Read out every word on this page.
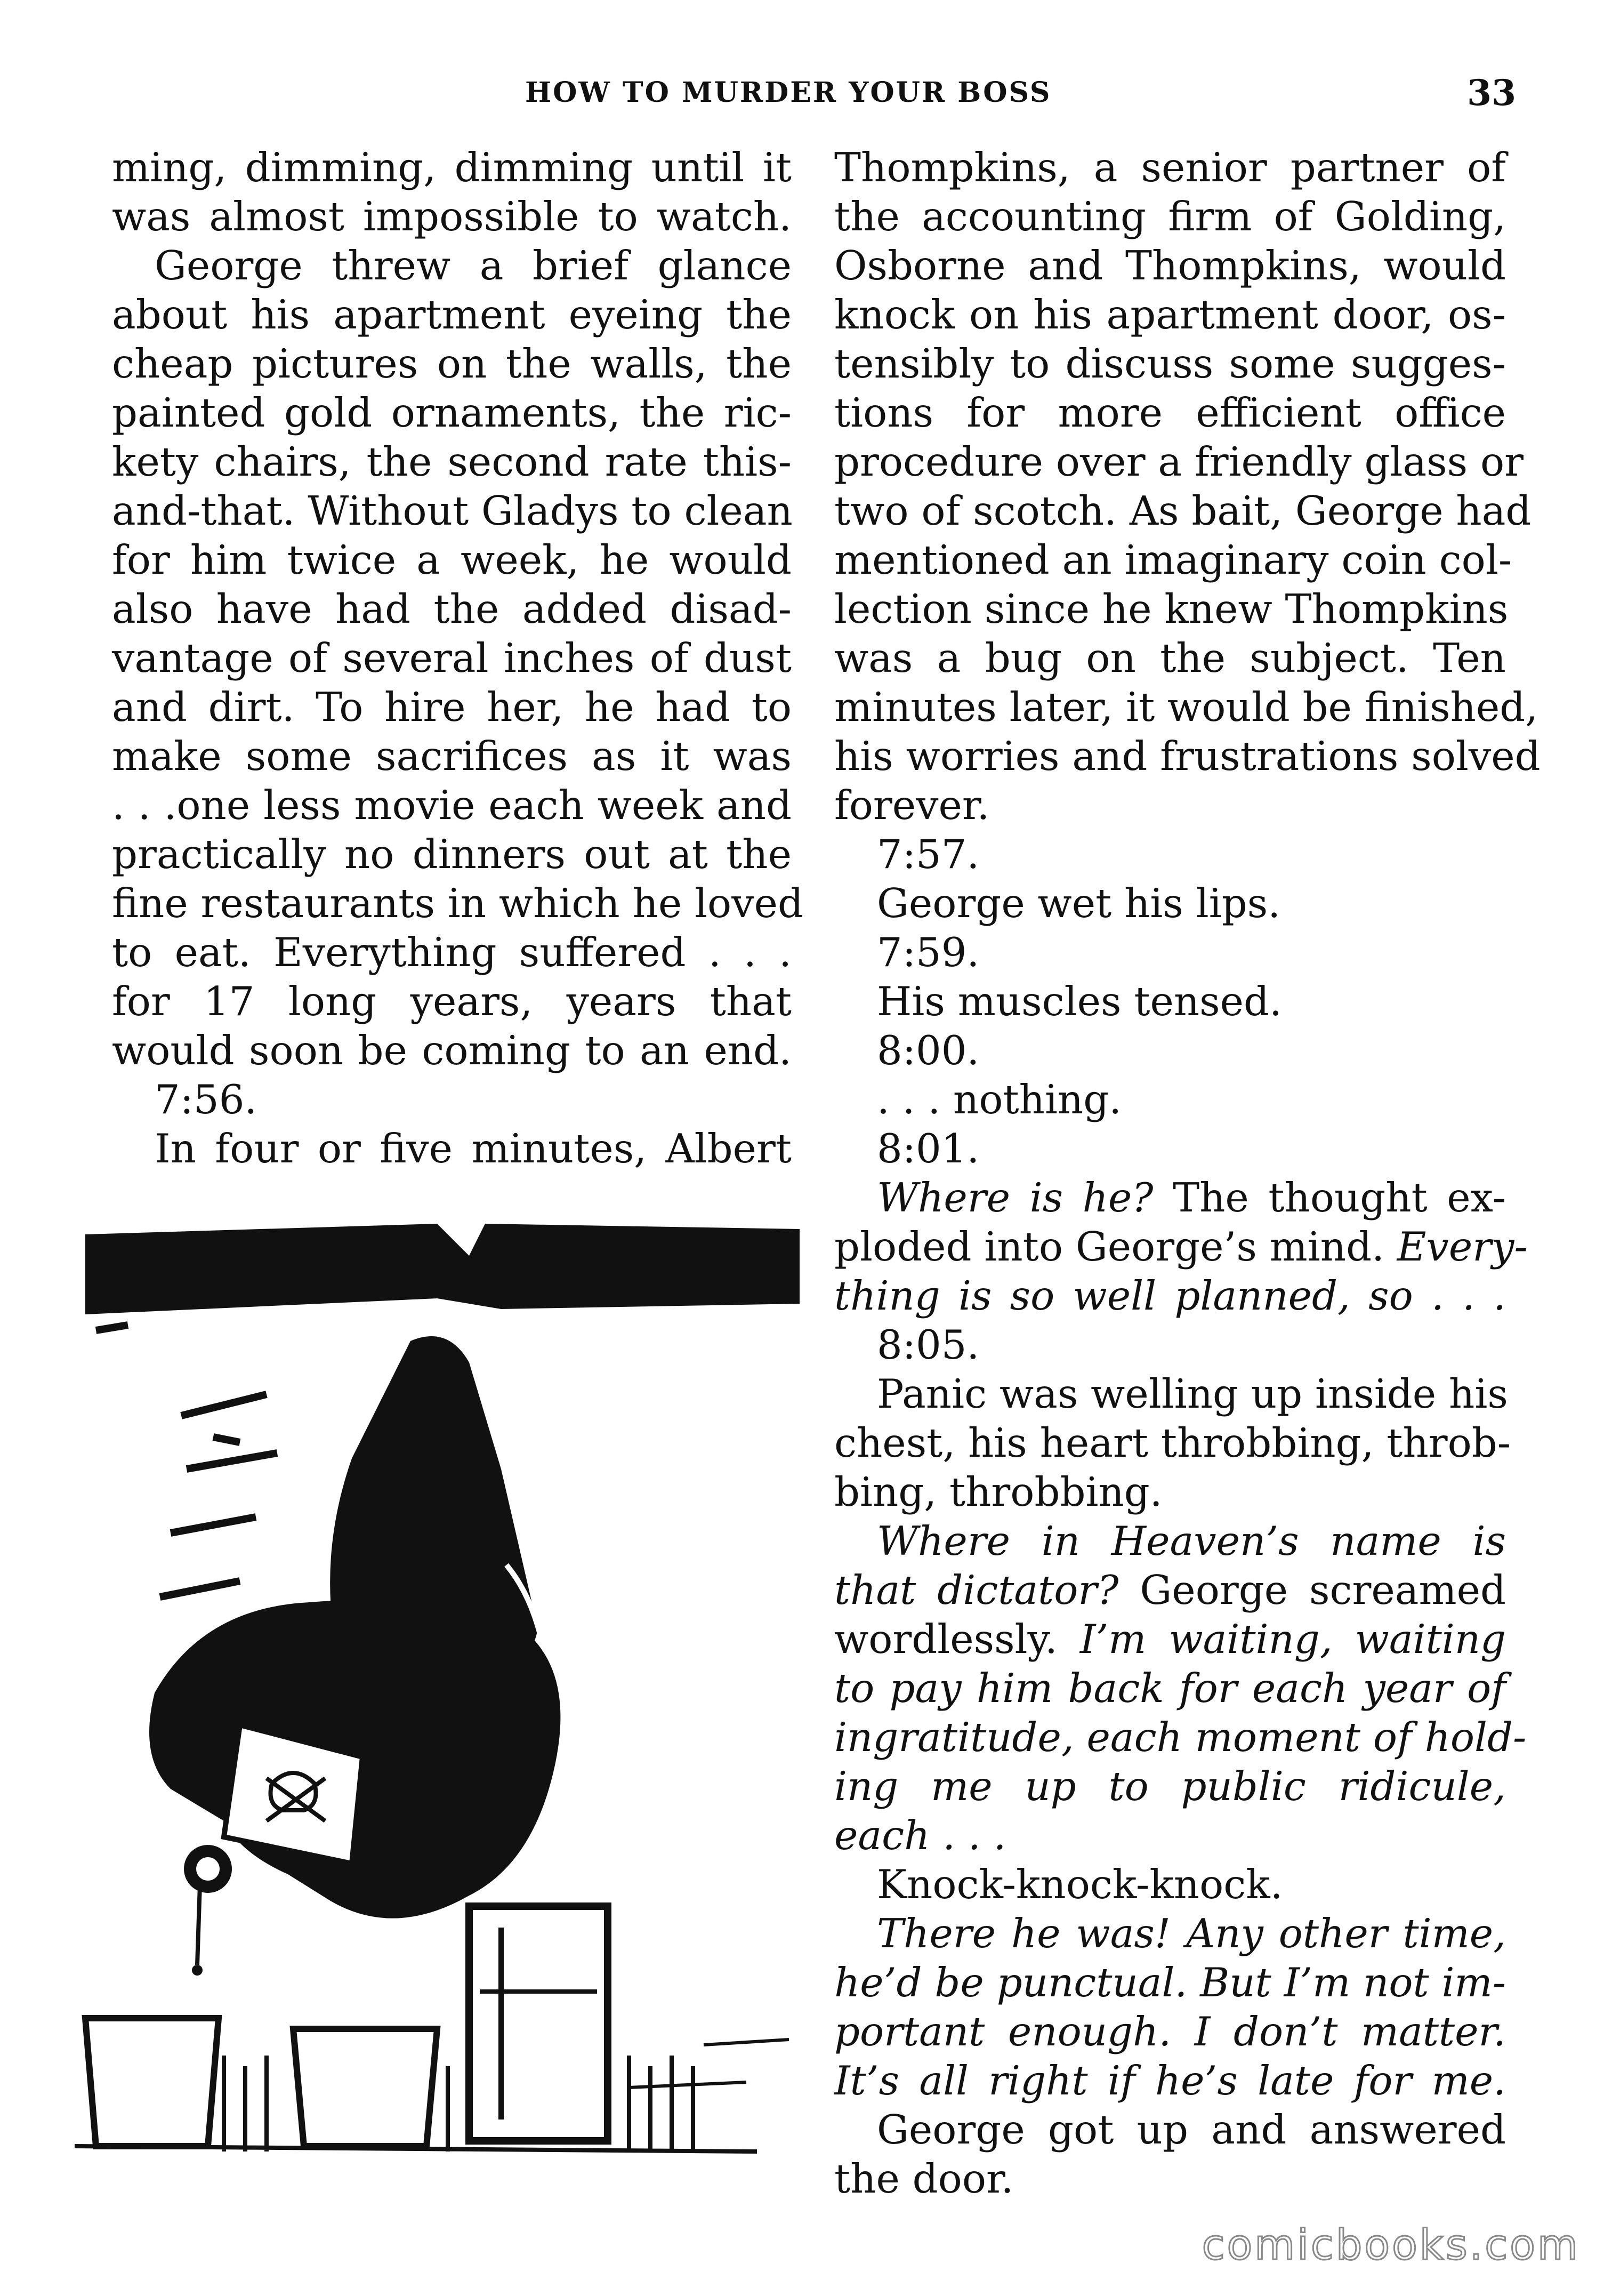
HOW TO MURDER YOUR BOSS	33
ming, dimming, dimming until it
was almost impossible to watch.
George threw a brief glance
about his apartment eyeing the
cheap pictures on the walls, the
painted gold ornaments, the ric-
kety chairs, the second rate this-
and-that. Without Gladys to clean
for him twice a week, he would
also have had the added disad-
vantage of several inches of dust
and dirt. To hire her, he had to
make some sacrifices as it was
. . .one less movie each week and
practically no dinners out at the
fine restaurants in which he loved
to eat. Everything suffered . . .
for 17 long years, years that
would soon be coming to an end.
7:56.
In four or five minutes, Albert
Thompkins, a senior partner of
the accounting firm of Golding,
Osborne and Thompkins, would
knock on his apartment door, os-
tensibly to discuss some sugges-
tions for more efficient office
procedure over a friendly glass or
two of scotch. As bait, George had
mentioned an imaginary coin col-
lection since he knew Thompkins
was a bug on the subject. Ten
minutes later, it would be finished,
his worries and frustrations solved
forever.
7:57.
George wet his lips.
7:59.
His muscles tensed.
8:00.
. . . nothing.
8:01.
Where is he? The thought ex-
ploded into George’s mind. Every-
thing is so well planned, so . . .
8:05.
Panic was welling up inside his
chest, his heart throbbing, throb-
bing, throbbing.
Where in Heaven’s name is
that dictator? George screamed
wordlessly. I’m waiting, waiting
to pay him back for each year of
ingratitude, each moment of hold-
ing me up to public ridicule,
each . . .
Knock-knock-knock.
There he was! Any other time,
he’d be punctual. But I’m not im-
portant enough. I don’t matter.
It’s all right if he’s late for me.
George got up and answered
the door.
comicbooks.com
